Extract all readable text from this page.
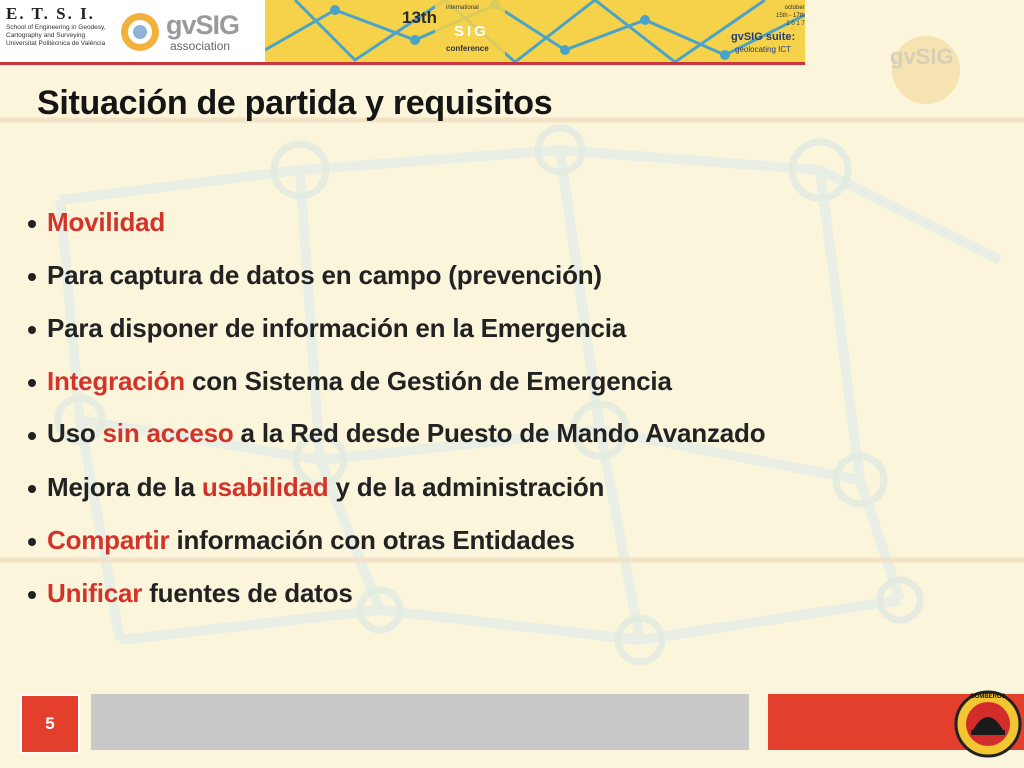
E. T. S. I.
School of Engineering in Geodesy,
Cartography and Surveying
Universitat Politècnica de València
gvSIG
association
13th international
SIG
conference
october
15th - 17th
2 0 1 7
gvSIG suite:
geolocating ICT	gvSIG
Situación de partida y requisitos
Movilidad
Para captura de datos en campo (prevención)
Para disponer de información en la Emergencia
Integración con Sistema de Gestión de Emergencia
Uso sin acceso a la Red desde Puesto de Mando Avanzado
Mejora de la usabilidad y de la administración
Compartir información con otras Entidades
Unificar fuentes de datos
5
BOMBEROS
